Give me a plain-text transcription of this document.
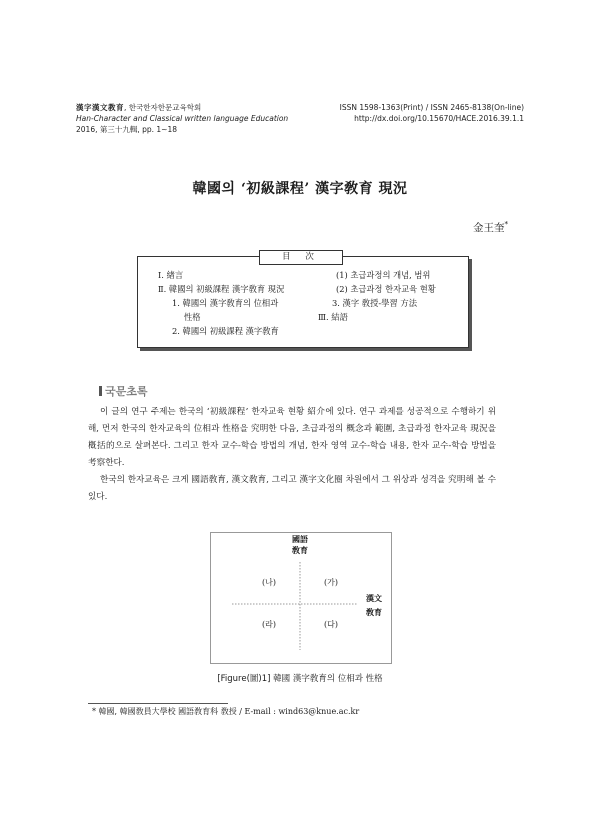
漢字漢文教育, 한국한자한문교육학회
Han-Character and Classical written language Education
2016, 第三十九輯, pp. 1~18
ISSN 1598-1363(Print) / ISSN 2465-8138(On-line)
http://dx.doi.org/10.15670/HACE.2016.39.1.1
韓國의 ‘初級課程’ 漢字敎育 現況
金王奎*
目 次
Ⅰ. 緖言
Ⅱ. 韓國의 初級課程 漢字敎育 現況
1. 韓國의 漢字敎育의 位相과
性格
2. 韓國의 初級課程 漢字敎育
(1) 초급과정의 개념, 범위
(2) 초급과정 한자교육 현황
3. 漢字 敎授-學習 方法
Ⅲ. 結語
국문초록

이 글의 연구 주제는 한국의 ‘初級課程’ 한자교육 현황 紹介에 있다. 연구 과제를 성공적으로 수행하기 위해, 먼저 한국의 한자교육의 位相과 性格을 究明한 다음, 초급과정의 概念과 範圍, 초급과정 한자교육 現況을 槪括的으로 살펴본다. 그리고 한자 교수-학습 방법의 개념, 한자 영역 교수-학습 내용, 한자 교수-학습 방법을 考察한다.

한국의 한자교육은 크게 國語敎育, 漢文敎育, 그리고 漢字文化圈 차원에서 그 위상과 성격을 究明해 볼 수 있다.

國語
敎育
漢文
敎育
(가)
(나)
(라)	(다)
[Figure(圖)1] 韓國 漢字敎育의 位相과 性格
* 韓國, 韓國敎員大學校 國語敎育科 敎授 / E-mail : wind63@knue.ac.kr
